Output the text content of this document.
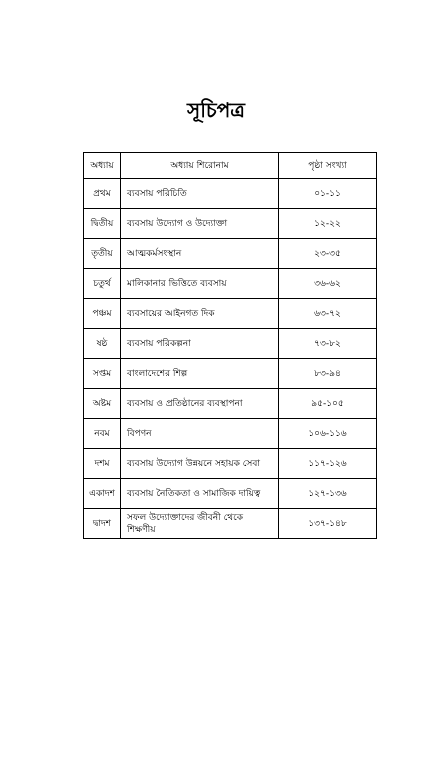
সূচিপত্র
অধ্যায়	অধ্যায় শিরোনাম	পৃষ্ঠা সংখ্যা
প্রথম	ব্যবসায় পরিচিতি	০১-১১
দ্বিতীয়	ব্যবসায় উদ্যোগ ও উদ্যোক্তা	১২-২২
তৃতীয়	আত্মকর্মসংস্থান	২৩-৩৫
চতুর্থ	মালিকানার ভিত্তিতে ব্যবসায়	৩৬-৬২
পঞ্চম	ব্যবসায়ের আইনগত দিক	৬৩-৭২
ষষ্ঠ	ব্যবসায় পরিকল্পনা	৭৩-৮২
সপ্তম	বাংলাদেশের শিল্প	৮৩-৯৪
অষ্টম	ব্যবসায় ও প্রতিষ্ঠানের ব্যবস্থাপনা	৯৫-১০৫
নবম	বিপণন	১০৬-১১৬
দশম	ব্যবসায় উদ্যোগ উন্নয়নে সহায়ক সেবা	১১৭-১২৬
একাদশ	ব্যবসায় নৈতিকতা ও সামাজিক দায়িত্ব	১২৭-১৩৬
দ্বাদশ	সফল উদ্যোক্তাদের জীবনী থেকে শিক্ষণীয়	১৩৭-১৪৮
